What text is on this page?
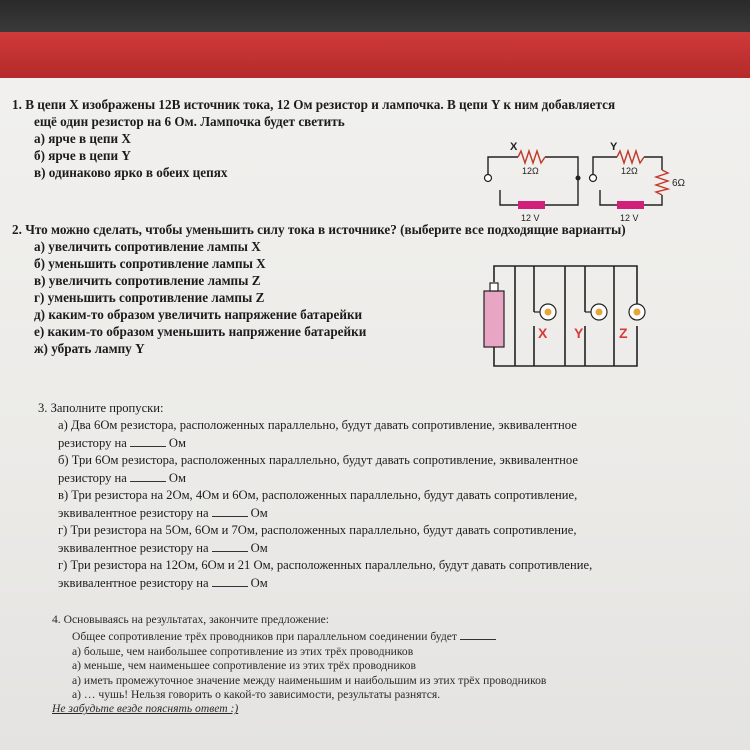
1. В цепи X изображены 12В источник тока, 12 Ом резистор и лампочка. В цепи Y к ним добавляется
ещё один резистор на 6 Ом. Лампочка будет светить
а) ярче в цепи X
б) ярче в цепи Y
в) одинаково ярко в обеих цепях
X
12Ω
12 V
Y
12Ω
6Ω
12 V
2. Что можно сделать, чтобы уменьшить силу тока в источнике? (выберите все подходящие варианты)
а) увеличить сопротивление лампы X
б) уменьшить сопротивление лампы X
в) увеличить сопротивление лампы Z
г) уменьшить сопротивление лампы Z
д) каким-то образом увеличить напряжение батарейки
е) каким-то образом уменьшить напряжение батарейки
ж) убрать лампу Y
X Y	Z
3. Заполните пропуски:
а) Два 6Ом резистора, расположенных параллельно, будут давать сопротивление, эквивалентное
резистору на	Ом
б) Три 6Ом резистора, расположенных параллельно, будут давать сопротивление, эквивалентное
резистору на	Ом
в) Три резистора на 2Ом, 4Ом и 6Ом, расположенных параллельно, будут давать сопротивление,
эквивалентное резистору на	Ом
г) Три резистора на 5Ом, 6Ом и 7Ом, расположенных параллельно, будут давать сопротивление,
эквивалентное резистору на	Ом
г) Три резистора на 12Ом, 6Ом и 21 Ом, расположенных параллельно, будут давать сопротивление,
эквивалентное резистору на	Ом
4. Основываясь на результатах, закончите предложение:
Общее сопротивление трёх проводников при параллельном соединении будет
а) больше, чем наибольшее сопротивление из этих трёх проводников
а) меньше, чем наименьшее сопротивление из этих трёх проводников
а) иметь промежуточное значение между наименьшим и наибольшим из этих трёх проводников
а) … чушь! Нельзя говорить о какой-то зависимости, результаты разнятся.
Не забудьте везде пояснять ответ :)
